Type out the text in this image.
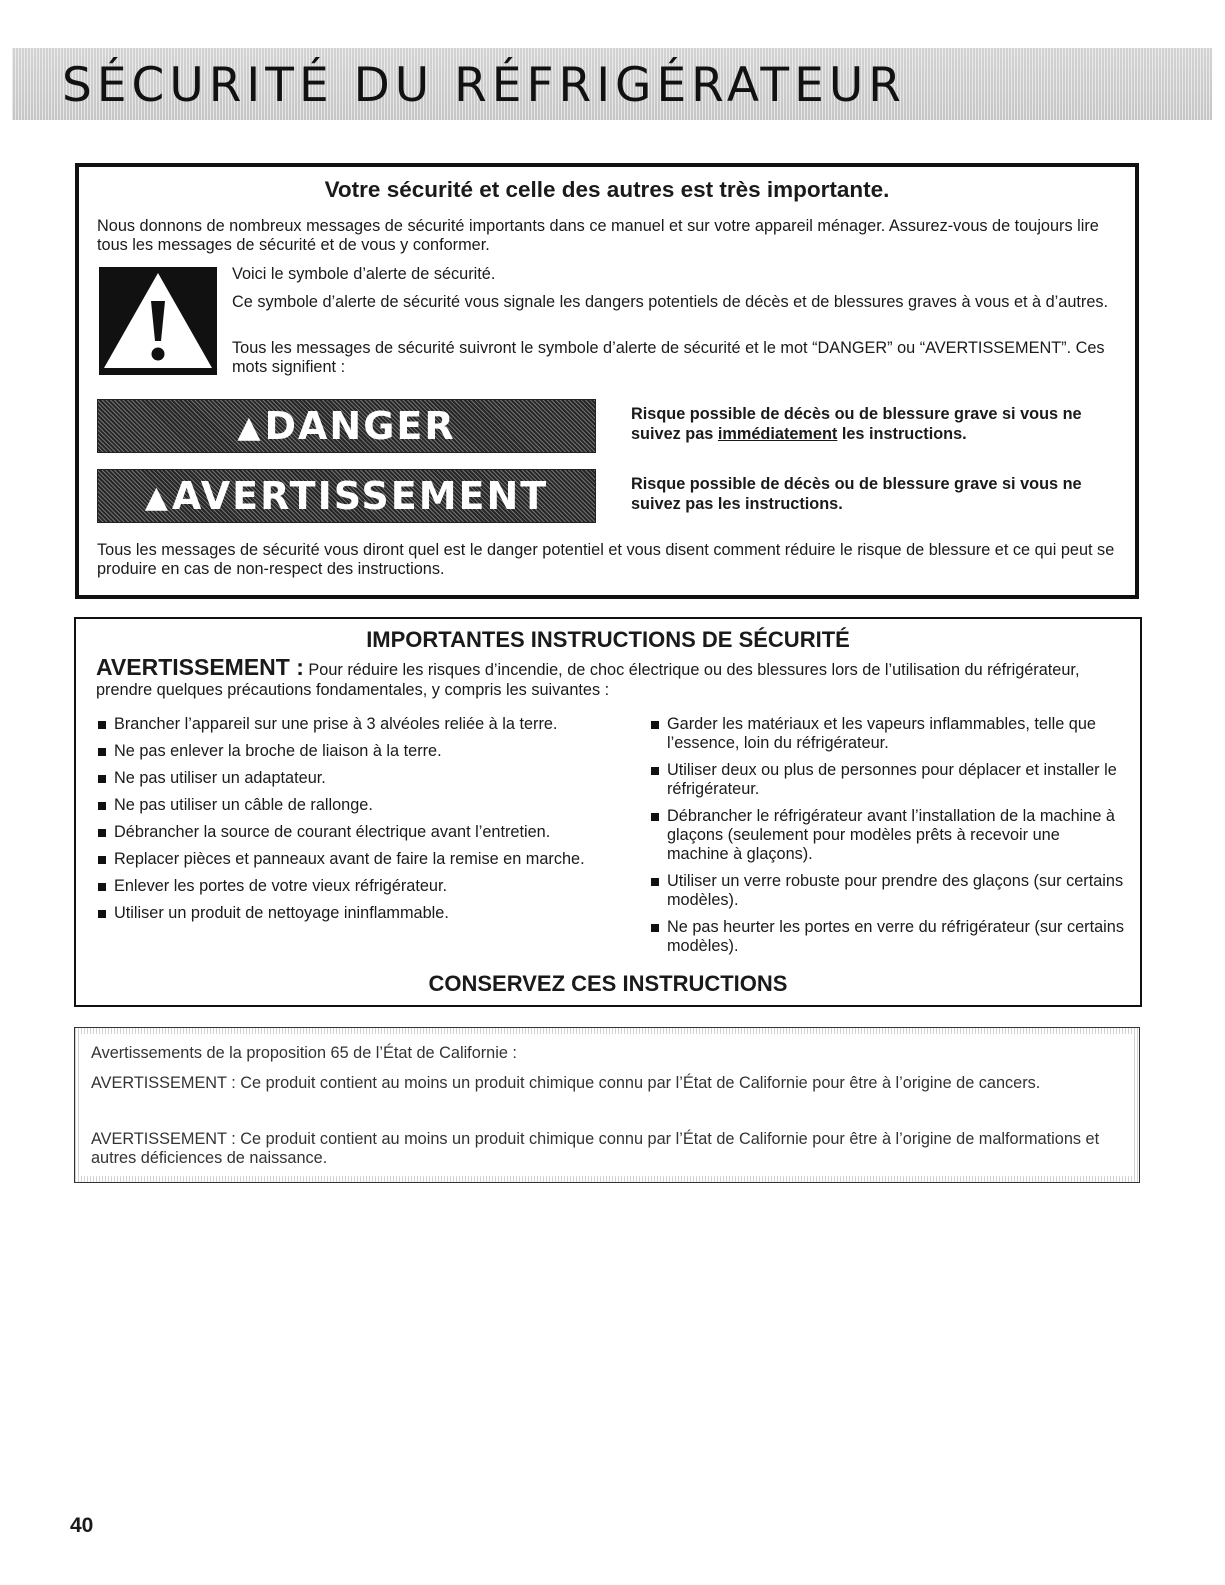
SÉCURITÉ DU RÉFRIGÉRATEUR
Votre sécurité et celle des autres est très importante.

Nous donnons de nombreux messages de sécurité importants dans ce manuel et sur votre appareil ménager. Assurez-vous de toujours lire tous les messages de sécurité et de vous y conformer.

Voici le symbole d’alerte de sécurité.

Ce symbole d’alerte de sécurité vous signale les dangers potentiels de décès et de blessures graves à vous et à d’autres.

Tous les messages de sécurité suivront le symbole d’alerte de sécurité et le mot “DANGER” ou “AVERTISSEMENT”. Ces mots signifient :

▲DANGER	Risque possible de décès ou de blessure grave si vous ne suivez pas immédiatement les instructions.
▲AVERTISSEMENT	Risque possible de décès ou de blessure grave si vous ne suivez pas les instructions.

Tous les messages de sécurité vous diront quel est le danger potentiel et vous disent comment réduire le risque de blessure et ce qui peut se produire en cas de non-respect des instructions.

IMPORTANTES INSTRUCTIONS DE SÉCURITÉ
AVERTISSEMENT : Pour réduire les risques d’incendie, de choc électrique ou des blessures lors de l’utilisation du réfrigérateur, prendre quelques précautions fondamentales, y compris les suivantes :
Brancher l’appareil sur une prise à 3 alvéoles reliée à la terre.
Ne pas enlever la broche de liaison à la terre.
Ne pas utiliser un adaptateur.
Ne pas utiliser un câble de rallonge.
Débrancher la source de courant électrique avant l’entretien.
Replacer pièces et panneaux avant de faire la remise en marche.
Enlever les portes de votre vieux réfrigérateur.
Utiliser un produit de nettoyage ininflammable.
Garder les matériaux et les vapeurs inflammables, telle que l’essence, loin du réfrigérateur.
Utiliser deux ou plus de personnes pour déplacer et installer le réfrigérateur.
Débrancher le réfrigérateur avant l’installation de la machine à glaçons (seulement pour modèles prêts à recevoir une machine à glaçons).
Utiliser un verre robuste pour prendre des glaçons (sur certains modèles).
Ne pas heurter les portes en verre du réfrigérateur (sur certains modèles).
CONSERVEZ CES INSTRUCTIONS

Avertissements de la proposition 65 de l’État de Californie :

AVERTISSEMENT : Ce produit contient au moins un produit chimique connu par l’État de Californie pour être à l’origine de cancers.

AVERTISSEMENT : Ce produit contient au moins un produit chimique connu par l’État de Californie pour être à l’origine de malformations et autres déficiences de naissance.

40
